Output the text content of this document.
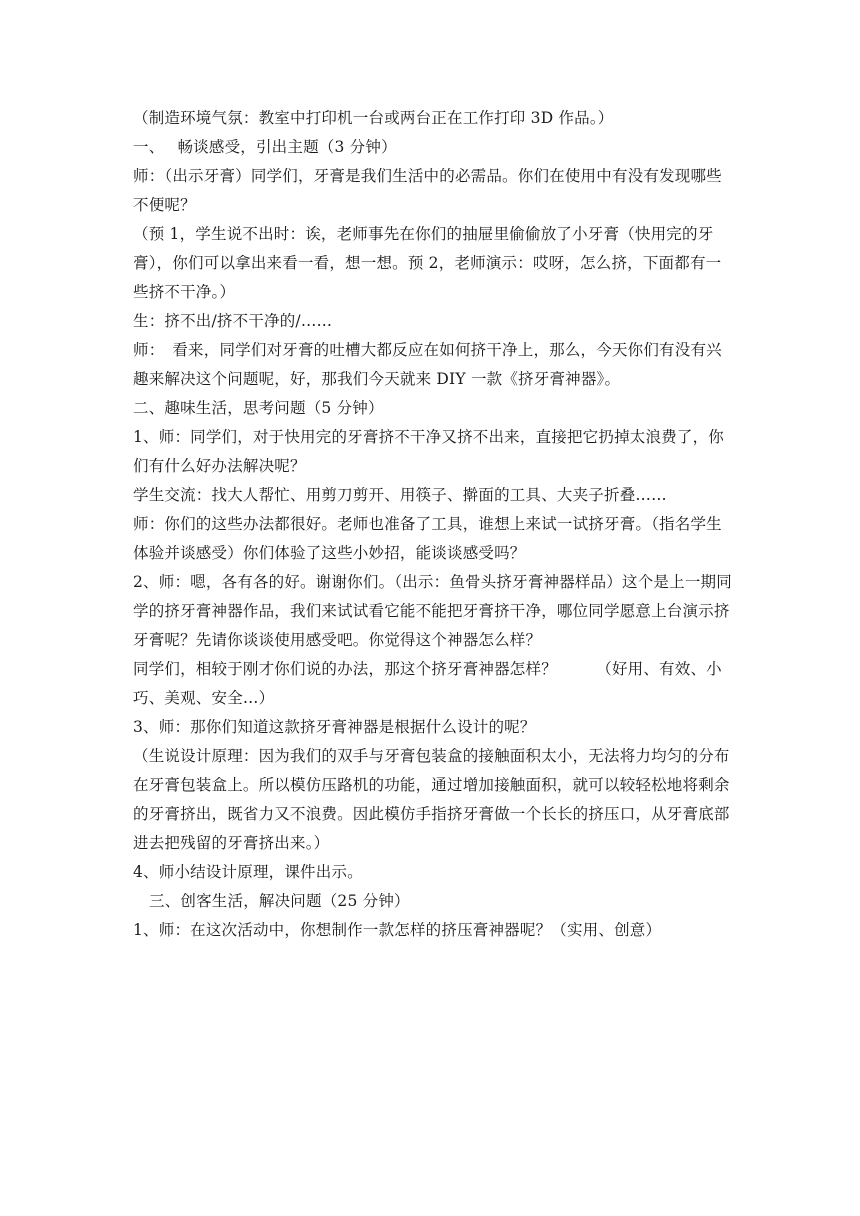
（制造环境气氛：教室中打印机一台或两台正在工作打印 3D 作品。）

一、　 畅谈感受，引出主题（3 分钟）

师：（出示牙膏）同学们，牙膏是我们生活中的必需品。你们在使用中有没有发现哪些不便呢？

（预 1，学生说不出时：诶，老师事先在你们的抽屉里偷偷放了小牙膏（快用完的牙膏），你们可以拿出来看一看，想一想。预 2，老师演示：哎呀，怎么挤，下面都有一些挤不干净。）

生：挤不出/挤不干净的/……

师：　看来，同学们对牙膏的吐槽大都反应在如何挤干净上，那么，今天你们有没有兴趣来解决这个问题呢，好，那我们今天就来 DIY 一款《挤牙膏神器》。

二、趣味生活，思考问题（5 分钟）

1、师：同学们，对于快用完的牙膏挤不干净又挤不出来，直接把它扔掉太浪费了，你们有什么好办法解决呢？

学生交流：找大人帮忙、用剪刀剪开、用筷子、擀面的工具、大夹子折叠……

师：你们的这些办法都很好。老师也准备了工具，谁想上来试一试挤牙膏。（指名学生体验并谈感受）你们体验了这些小妙招，能谈谈感受吗？

2、师：嗯，各有各的好。谢谢你们。（出示：鱼骨头挤牙膏神器样品）这个是上一期同学的挤牙膏神器作品，我们来试试看它能不能把牙膏挤干净，哪位同学愿意上台演示挤牙膏呢？先请你谈谈使用感受吧。你觉得这个神器怎么样？

同学们，相较于刚才你们说的办法，那这个挤牙膏神器怎样？　　　（好用、有效、小巧、美观、安全…）

3、师：那你们知道这款挤牙膏神器是根据什么设计的呢？

（生说设计原理：因为我们的双手与牙膏包装盒的接触面积太小，无法将力均匀的分布在牙膏包装盒上。所以模仿压路机的功能，通过增加接触面积，就可以较轻松地将剩余的牙膏挤出，既省力又不浪费。因此模仿手指挤牙膏做一个长长的挤压口，从牙膏底部进去把残留的牙膏挤出来。）

4、师小结设计原理，课件出示。

三、创客生活，解决问题（25 分钟）

1、师：在这次活动中，你想制作一款怎样的挤压膏神器呢？（实用、创意）
